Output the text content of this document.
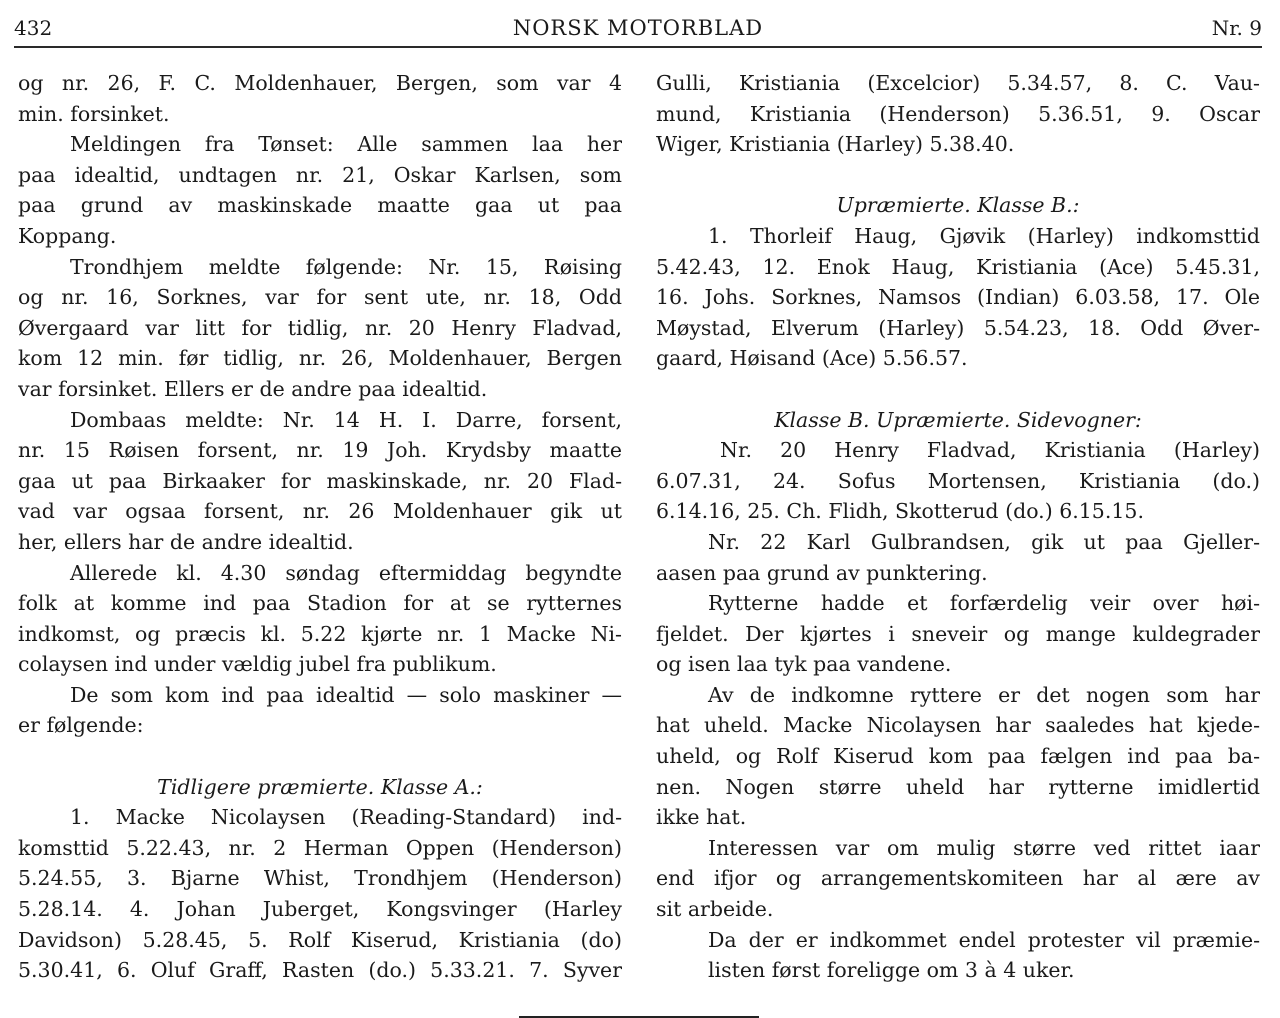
432	NORSK MOTORBLAD	Nr. 9
og nr. 26, F. C. Moldenhauer, Bergen, som var 4
min. forsinket.
Meldingen fra Tønset: Alle sammen laa her
paa idealtid, undtagen nr. 21, Oskar Karlsen, som
paa grund av maskinskade maatte gaa ut paa
Koppang.
Trondhjem meldte følgende: Nr. 15, Røising
og nr. 16, Sorknes, var for sent ute, nr. 18, Odd
Øvergaard var litt for tidlig, nr. 20 Henry Fladvad,
kom 12 min. før tidlig, nr. 26, Moldenhauer, Bergen
var forsinket. Ellers er de andre paa idealtid.
Dombaas meldte: Nr. 14 H. I. Darre, forsent,
nr. 15 Røisen forsent, nr. 19 Joh. Krydsby maatte
gaa ut paa Birkaaker for maskinskade, nr. 20 Flad-
vad var ogsaa forsent, nr. 26 Moldenhauer gik ut
her, ellers har de andre idealtid.
Allerede kl. 4.30 søndag eftermiddag begyndte
folk at komme ind paa Stadion for at se rytternes
indkomst, og præcis kl. 5.22 kjørte nr. 1 Macke Ni-
colaysen ind under vældig jubel fra publikum.
De som kom ind paa idealtid — solo maskiner —
er følgende:
Tidligere præmierte. Klasse A.:
1. Macke Nicolaysen (Reading-Standard) ind-
komsttid 5.22.43, nr. 2 Herman Oppen (Henderson)
5.24.55, 3. Bjarne Whist, Trondhjem (Henderson)
5.28.14. 4. Johan Juberget, Kongsvinger (Harley
Davidson) 5.28.45, 5. Rolf Kiserud, Kristiania (do)
5.30.41, 6. Oluf Graff, Rasten (do.) 5.33.21. 7. Syver
Gulli, Kristiania (Excelcior) 5.34.57, 8. C. Vau-
mund, Kristiania (Henderson) 5.36.51, 9. Oscar
Wiger, Kristiania (Harley) 5.38.40.
Upræmierte. Klasse B.:
1. Thorleif Haug, Gjøvik (Harley) indkomsttid
5.42.43, 12. Enok Haug, Kristiania (Ace) 5.45.31,
16. Johs. Sorknes, Namsos (Indian) 6.03.58, 17. Ole
Møystad, Elverum (Harley) 5.54.23, 18. Odd Øver-
gaard, Høisand (Ace) 5.56.57.
Klasse B. Upræmierte. Sidevogner:
Nr. 20 Henry Fladvad, Kristiania (Harley)
6.07.31, 24. Sofus Mortensen, Kristiania (do.)
6.14.16, 25. Ch. Flidh, Skotterud (do.) 6.15.15.
Nr. 22 Karl Gulbrandsen, gik ut paa Gjeller-
aasen paa grund av punktering.
Rytterne hadde et forfærdelig veir over høi-
fjeldet. Der kjørtes i sneveir og mange kuldegrader
og isen laa tyk paa vandene.
Av de indkomne ryttere er det nogen som har
hat uheld. Macke Nicolaysen har saaledes hat kjede-
uheld, og Rolf Kiserud kom paa fælgen ind paa ba-
nen. Nogen større uheld har rytterne imidlertid
ikke hat.
Interessen var om mulig større ved rittet iaar
end ifjor og arrangementskomiteen har al ære av
sit arbeide.
Da der er indkommet endel protester vil præmie-
listen først foreligge om 3 à 4 uker.
